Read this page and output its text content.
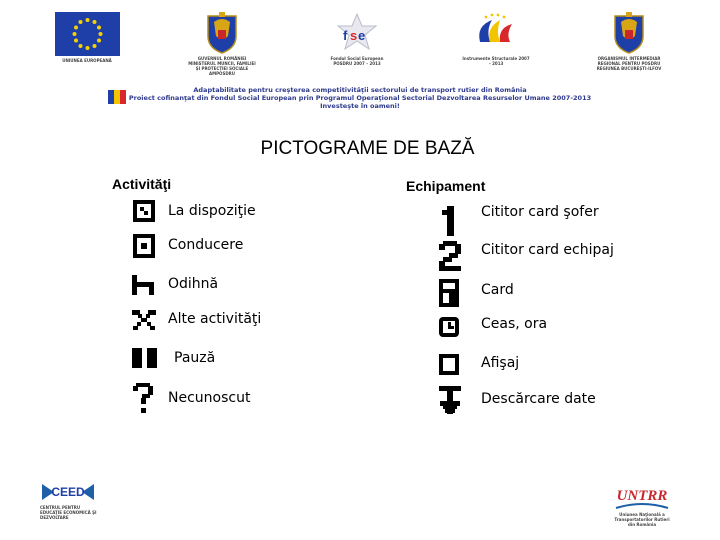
UNIUNEA EUROPEANĂ	GUVERNUL ROMÂNIEI MINISTERUL MUNCII, FAMILIEI ȘI PROTECȚIEI SOCIALE AMPOSDRU
f s e
Fondul Social European POSDRU 2007 – 2013
Instrumente Structurale 2007 – 2013
ORGANISMUL INTERMEDIAR REGIONAL PENTRU POSDRU REGIUNEA BUCUREȘTI-ILFOV
Adaptabilitate pentru creşterea competitivităţii sectorului de transport rutier din România
Proiect cofinanţat din Fondul Social European prin Programul Operaţional Sectorial Dezvoltarea Resurselor Umane 2007-2013
Investeşte în oameni!
PICTOGRAME DE BAZĂ
Activităţi
La dispoziţie
Conducere
Odihnă
Alte activităţi
Pauză
Necunoscut
Echipament
Cititor card şofer
Cititor card echipaj
Card
Ceas, ora
Afişaj
Descărcare date
CEED
CENTRUL PENTRU EDUCAŢIE ECONOMICĂ ŞI DEZVOLTARE
UNTRR
Uniunea Naţională a Transportatorilor Rutieri din România
